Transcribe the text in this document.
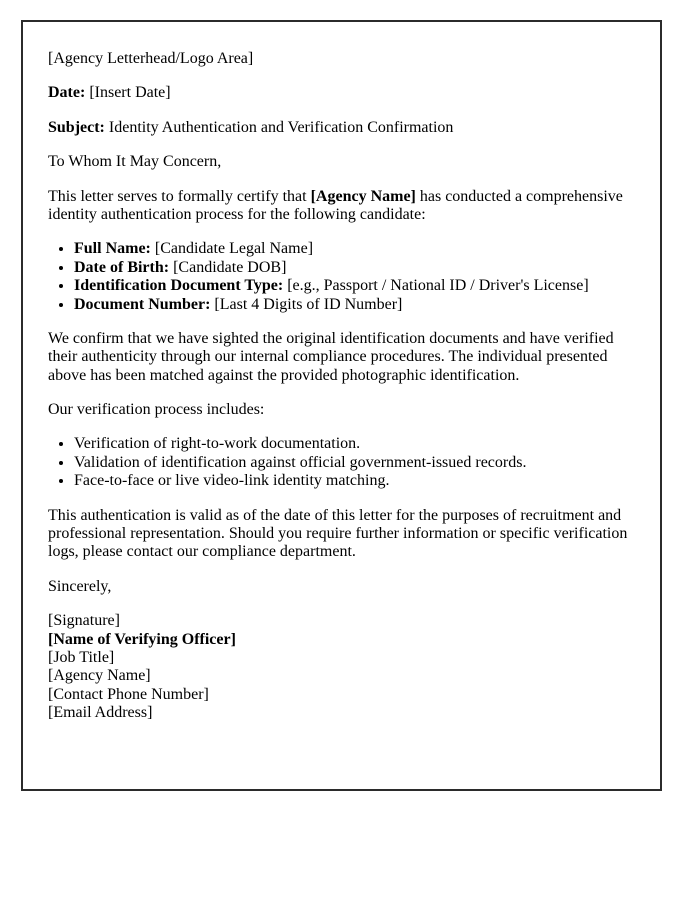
[Agency Letterhead/Logo Area]

Date: [Insert Date]

Subject: Identity Authentication and Verification Confirmation

To Whom It May Concern,

This letter serves to formally certify that [Agency Name] has conducted a comprehensive identity authentication process for the following candidate:

• Full Name: [Candidate Legal Name]
• Date of Birth: [Candidate DOB]
• Identification Document Type: [e.g., Passport / National ID / Driver's License]
• Document Number: [Last 4 Digits of ID Number]

We confirm that we have sighted the original identification documents and have verified their authenticity through our internal compliance procedures. The individual presented above has been matched against the provided photographic identification.

Our verification process includes:

• Verification of right-to-work documentation.
• Validation of identification against official government-issued records.
• Face-to-face or live video-link identity matching.

This authentication is valid as of the date of this letter for the purposes of recruitment and professional representation. Should you require further information or specific verification logs, please contact our compliance department.

Sincerely,

[Signature]
[Name of Verifying Officer]
[Job Title]
[Agency Name]
[Contact Phone Number]
[Email Address]
